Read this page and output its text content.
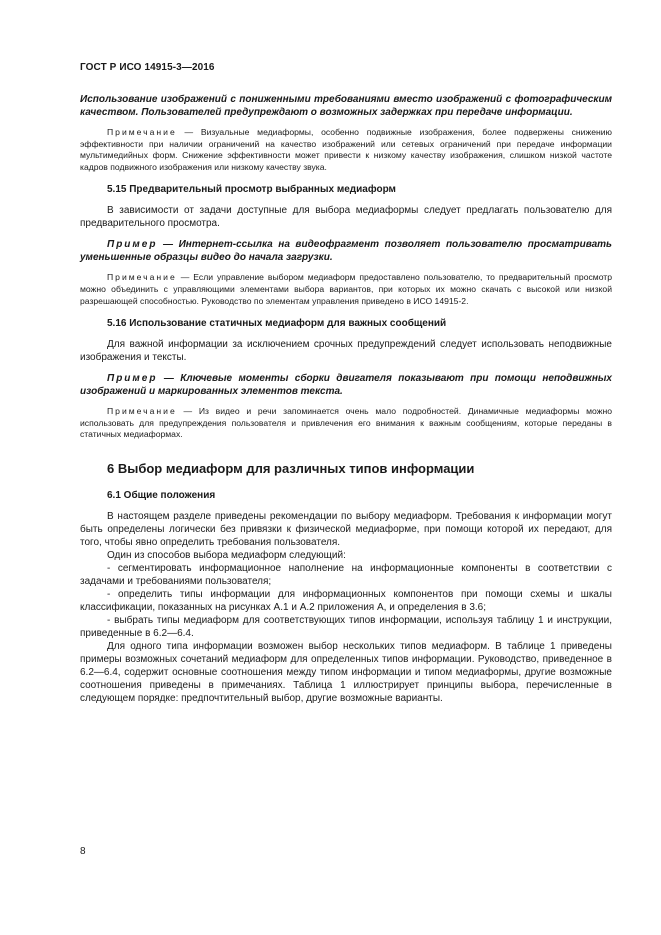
ГОСТ Р ИСО 14915-3—2016

Использование изображений с пониженными требованиями вместо изображений с фотографическим качеством. Пользователей предупреждают о возможных задержках при передаче информации.

Примечание — Визуальные медиаформы, особенно подвижные изображения, более подвержены снижению эффективности при наличии ограничений на качество изображений или сетевых ограничений при передаче информации мультимедийных форм. Снижение эффективности может привести к низкому качеству изображения, слишком низкой частоте кадров подвижного изображения или низкому качеству звука.

5.15 Предварительный просмотр выбранных медиаформ

В зависимости от задачи доступные для выбора медиаформы следует предлагать пользователю для предварительного просмотра.

Пример — Интернет-ссылка на видеофрагмент позволяет пользователю просматривать уменьшенные образцы видео до начала загрузки.

Примечание — Если управление выбором медиаформ предоставлено пользователю, то предварительный просмотр можно объединить с управляющими элементами выбора вариантов, при которых их можно скачать с высокой или низкой разрешающей способностью. Руководство по элементам управления приведено в ИСО 14915-2.

5.16 Использование статичных медиаформ для важных сообщений

Для важной информации за исключением срочных предупреждений следует использовать неподвижные изображения и тексты.

Пример — Ключевые моменты сборки двигателя показывают при помощи неподвижных изображений и маркированных элементов текста.

Примечание — Из видео и речи запоминается очень мало подробностей. Динамичные медиаформы можно использовать для предупреждения пользователя и привлечения его внимания к важным сообщениям, которые переданы в статичных медиаформах.

6 Выбор медиаформ для различных типов информации
6.1 Общие положения

В настоящем разделе приведены рекомендации по выбору медиаформ. Требования к информации могут быть определены логически без привязки к физической медиаформе, при помощи которой их передают, для того, чтобы явно определить требования пользователя.

Один из способов выбора медиаформ следующий:

- сегментировать информационное наполнение на информационные компоненты в соответствии с задачами и требованиями пользователя;

- определить типы информации для информационных компонентов при помощи схемы и шкалы классификации, показанных на рисунках А.1 и А.2 приложения А, и определения в 3.6;

- выбрать типы медиаформ для соответствующих типов информации, используя таблицу 1 и инструкции, приведенные в 6.2—6.4.

Для одного типа информации возможен выбор нескольких типов медиаформ. В таблице 1 приведены примеры возможных сочетаний медиаформ для определенных типов информации. Руководство, приведенное в 6.2—6.4, содержит основные соотношения между типом информации и типом медиаформы, другие возможные соотношения приведены в примечаниях. Таблица 1 иллюстрирует принципы выбора, перечисленные в следующем порядке: предпочтительный выбор, другие возможные варианты.

8
